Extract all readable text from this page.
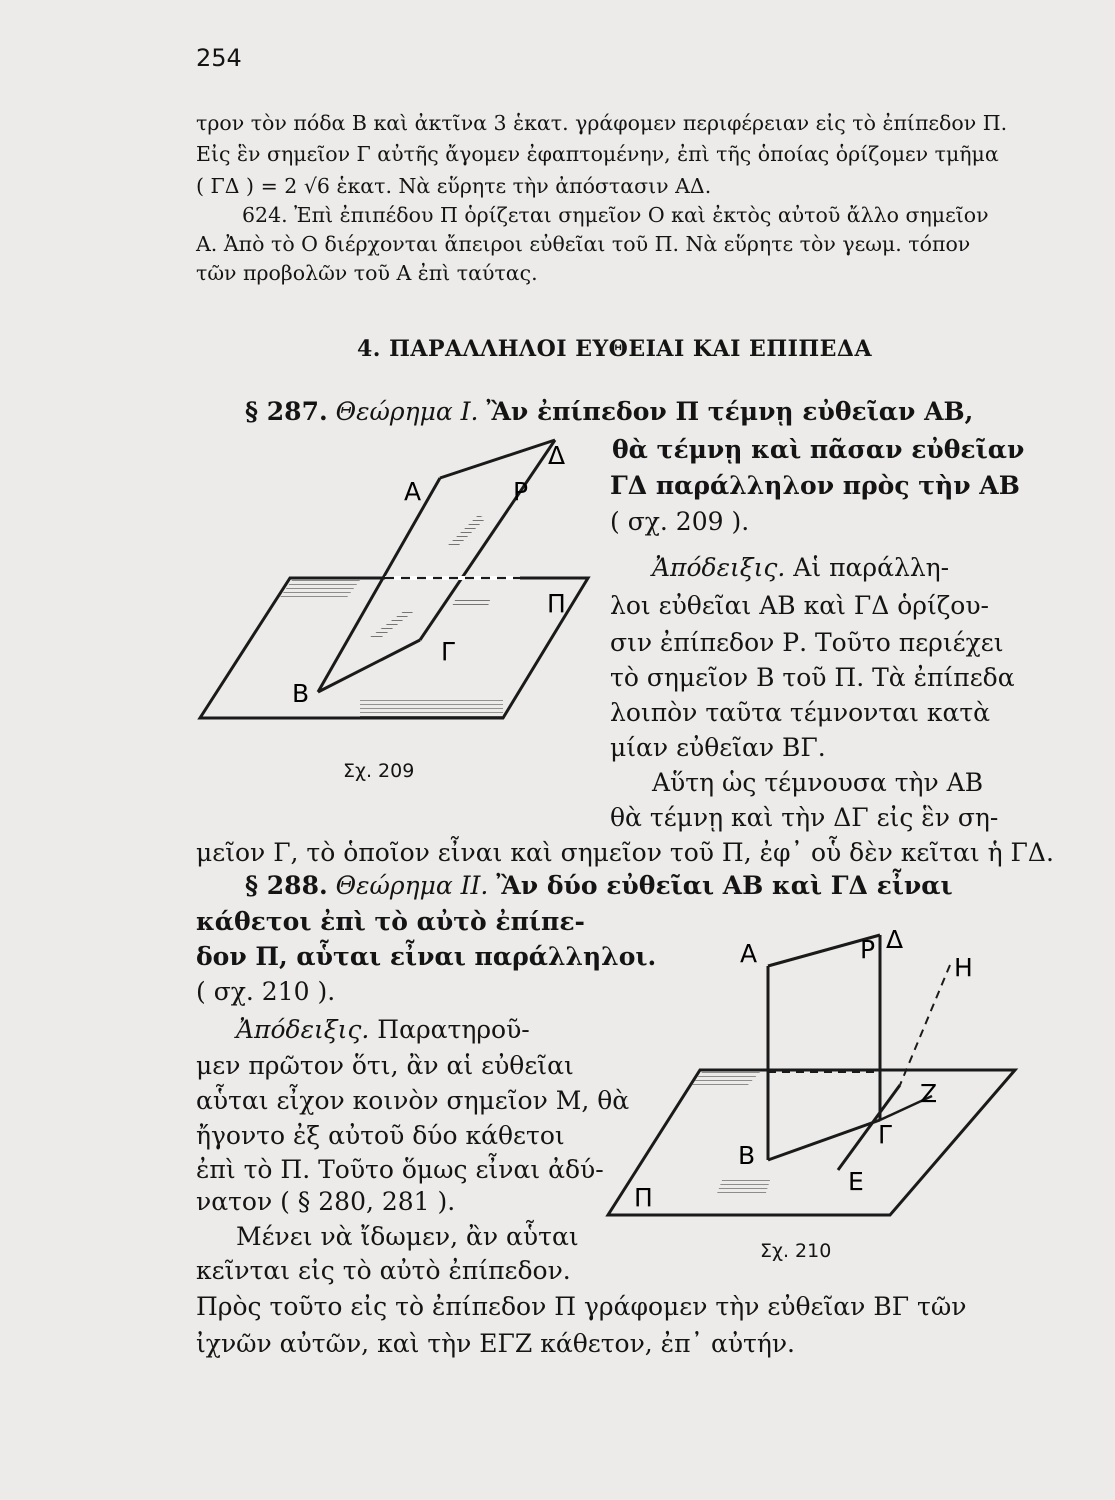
254
τρον τὸν πόδα Β καὶ ἀκτῖνα 3 ἑκατ. γράφομεν περιφέρειαν εἰς τὸ ἐπίπεδον Π.
Εἰς ἓν σημεῖον Γ αὐτῆς ἄγομεν ἐφαπτομένην, ἐπὶ τῆς ὁποίας ὁρίζομεν τμῆμα
( ΓΔ ) = 2 √6 ἑκατ. Νὰ εὕρητε τὴν ἀπόστασιν ΑΔ.
624. Ἐπὶ ἐπιπέδου Π ὁρίζεται σημεῖον Ο καὶ ἐκτὸς αὐτοῦ ἄλλο σημεῖον
Α. Ἀπὸ τὸ Ο διέρχονται ἄπειροι εὐθεῖαι τοῦ Π. Νὰ εὕρητε τὸν γεωμ. τόπον
τῶν προβολῶν τοῦ Α ἐπὶ ταύτας.
4. ΠΑΡΑΛΛΗΛΟΙ ΕΥΘΕΙΑΙ ΚΑΙ ΕΠΙΠΕΔΑ
§ 287. Θεώρημα Ι. Ἂν ἐπίπεδον Π τέμνῃ εὐθεῖαν ΑΒ,
θὰ τέμνῃ καὶ πᾶσαν εὐθεῖαν
ΓΔ παράλληλον πρὸς τὴν ΑΒ
( σχ. 209 ).
Ἀπόδειξις. Αἱ παράλλη-
λοι εὐθεῖαι ΑΒ καὶ ΓΔ ὁρίζου-
σιν ἐπίπεδον Ρ. Τοῦτο περιέχει
τὸ σημεῖον Β τοῦ Π. Τὰ ἐπίπεδα
λοιπὸν ταῦτα τέμνονται κατὰ
μίαν εὐθεῖαν ΒΓ.
Αὕτη ὡς τέμνουσα τὴν ΑΒ
θὰ τέμνῃ καὶ τὴν ΔΓ εἰς ἓν ση-
μεῖον Γ, τὸ ὁποῖον εἶναι καὶ σημεῖον τοῦ Π, ἐφ᾽ οὗ δὲν κεῖται ἡ ΓΔ.
§ 288. Θεώρημα ΙΙ. Ἂν δύο εὐθεῖαι ΑΒ καὶ ΓΔ εἶναι
κάθετοι ἐπὶ τὸ αὐτὸ ἐπίπε-
δον Π, αὗται εἶναι παράλληλοι.
( σχ. 210 ).
Ἀπόδειξις. Παρατηροῦ-
μεν πρῶτον ὅτι, ἂν αἱ εὐθεῖαι
αὗται εἶχον κοινὸν σημεῖον Μ, θὰ
ἤγοντο ἐξ αὐτοῦ δύο κάθετοι
ἐπὶ τὸ Π. Τοῦτο ὅμως εἶναι ἀδύ-
νατον ( § 280, 281 ).
Μένει νὰ ἴδωμεν, ἂν αὗται
κεῖνται εἰς τὸ αὐτὸ ἐπίπεδον.
Πρὸς τοῦτο εἰς τὸ ἐπίπεδον Π γράφομεν τὴν εὐθεῖαν ΒΓ τῶν
ἰχνῶν αὐτῶν, καὶ τὴν ΕΓΖ κάθετον, ἐπ᾽ αὐτήν.
Α
Δ
Ρ
Π
Γ
Β
Σχ. 209
Α	Ρ Δ
Η
Ζ
Γ
Β
Ε
Π
Σχ. 210
